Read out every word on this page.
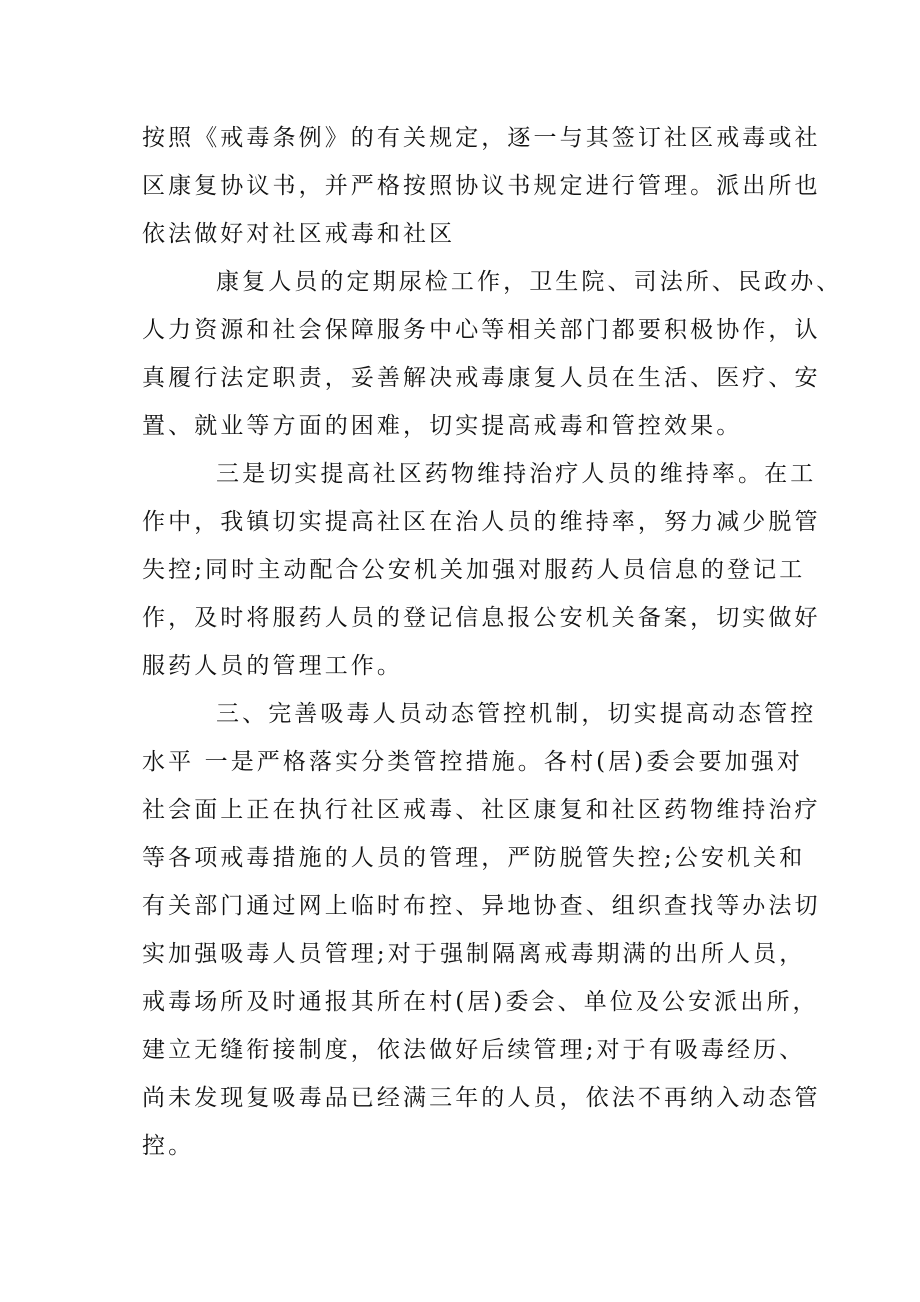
按照《戒毒条例》的有关规定，逐一与其签订社区戒毒或社
区康复协议书，并严格按照协议书规定进行管理。派出所也
依法做好对社区戒毒和社区
康复人员的定期尿检工作，卫生院、司法所、民政办、
人力资源和社会保障服务中心等相关部门都要积极协作，认
真履行法定职责，妥善解决戒毒康复人员在生活、医疗、安
置、就业等方面的困难，切实提高戒毒和管控效果。
三是切实提高社区药物维持治疗人员的维持率。在工
作中，我镇切实提高社区在治人员的维持率，努力减少脱管
失控;同时主动配合公安机关加强对服药人员信息的登记工
作，及时将服药人员的登记信息报公安机关备案，切实做好
服药人员的管理工作。
三、完善吸毒人员动态管控机制，切实提高动态管控
水平 一是严格落实分类管控措施。各村(居)委会要加强对
社会面上正在执行社区戒毒、社区康复和社区药物维持治疗
等各项戒毒措施的人员的管理，严防脱管失控;公安机关和
有关部门通过网上临时布控、异地协查、组织查找等办法切
实加强吸毒人员管理;对于强制隔离戒毒期满的出所人员，
戒毒场所及时通报其所在村(居)委会、单位及公安派出所，
建立无缝衔接制度，依法做好后续管理;对于有吸毒经历、
尚未发现复吸毒品已经满三年的人员，依法不再纳入动态管
控。
